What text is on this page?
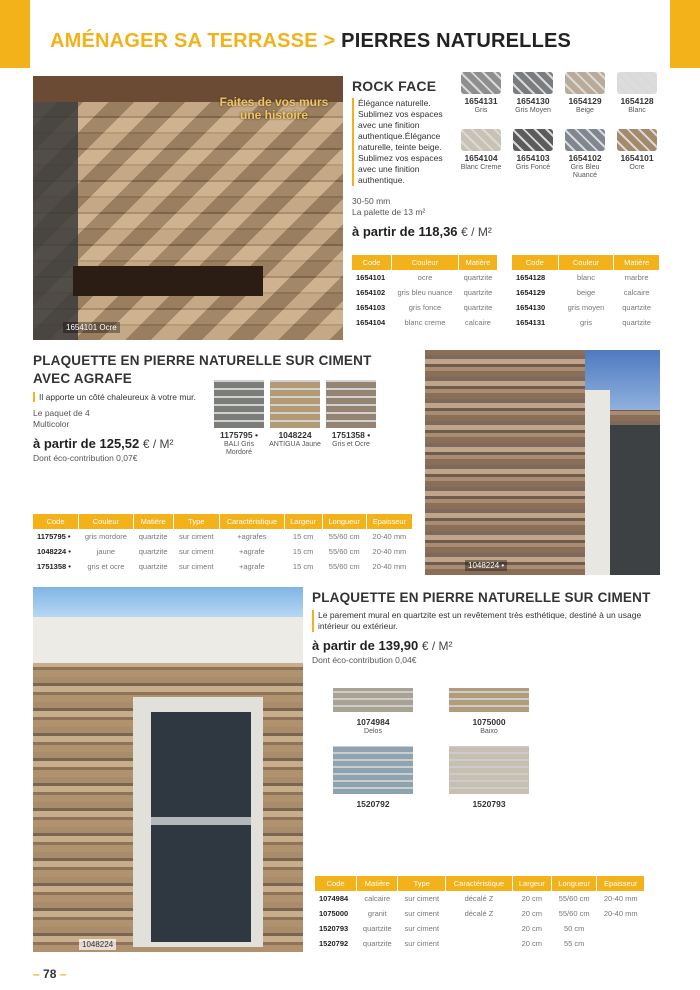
AMÉNAGER SA TERRASSE > PIERRES NATURELLES
Faites de vos murs une histoire
1654101 Ocre
ROCK FACE
Élégance naturelle. Sublimez vos espaces avec une finition authentique.Élégance naturelle, teinte beige. Sublimez vos espaces avec une finition authentique.
30-50 mm
La palette de 13 m²
à partir de 118,36 € / M²
1654131
Gris
1654130
Gris Moyen
1654129
Beige
1654128
Blanc
1654104
Blanc Creme
1654103
Gris Foncé
1654102
Gris Bleu Nuancé
1654101
Ocre
Code	Couleur	Matière
1654101	ocre	quartzite
1654102	gris bleu nuance	quartzite
1654103	gris fonce	quartzite
1654104	blanc creme	calcaire
Code	Couleur	Matière
1654128	blanc	marbre
1654129	beige	calcaire
1654130	gris moyen	quartzite
1654131	gris	quartzite
PLAQUETTE EN PIERRE NATURELLE SUR CIMENT
AVEC AGRAFE
Il apporte un côté chaleureux à votre mur.
Le paquet de 4
Multicolor
à partir de 125,52 € / M²
Dont éco-contribution 0,07€
1175795 •
BALI Gris Mordoré
1048224
ANTIGUA Jaune
1751358 •
Gris et Ocre
1048224 •
Code	Couleur	Matière	Type	Caractéristique	Largeur	Longueur	Epaisseur
1175795 •	gris mordore	quartzite	sur ciment	+agrafes	15 cm	55/60 cm	20-40 mm
1048224 •	jaune	quartzite	sur ciment	+agrafe	15 cm	55/60 cm	20-40 mm
1751358 •	gris et ocre	quartzite	sur ciment	+agrafe	15 cm	55/60 cm	20-40 mm
1048224
PLAQUETTE EN PIERRE NATURELLE SUR CIMENT
Le parement mural en quartzite est un revêtement très esthétique, destiné à un usage intérieur ou extérieur.
à partir de 139,90 € / M²
Dont éco-contribution 0,04€
1074984
Delos
1075000
Baixo
1520792	1520793
Code	Matière	Type	Caractéristique	Largeur	Longueur	Epaisseur
1074984	calcaire	sur ciment	décalé Z	20 cm	55/60 cm	20-40 mm
1075000	granit	sur ciment	décalé Z	20 cm	55/60 cm	20-40 mm
1520793	quartzite	sur ciment		20 cm	50 cm	
1520792	quartzite	sur ciment		20 cm	55 cm	
– 78 –
